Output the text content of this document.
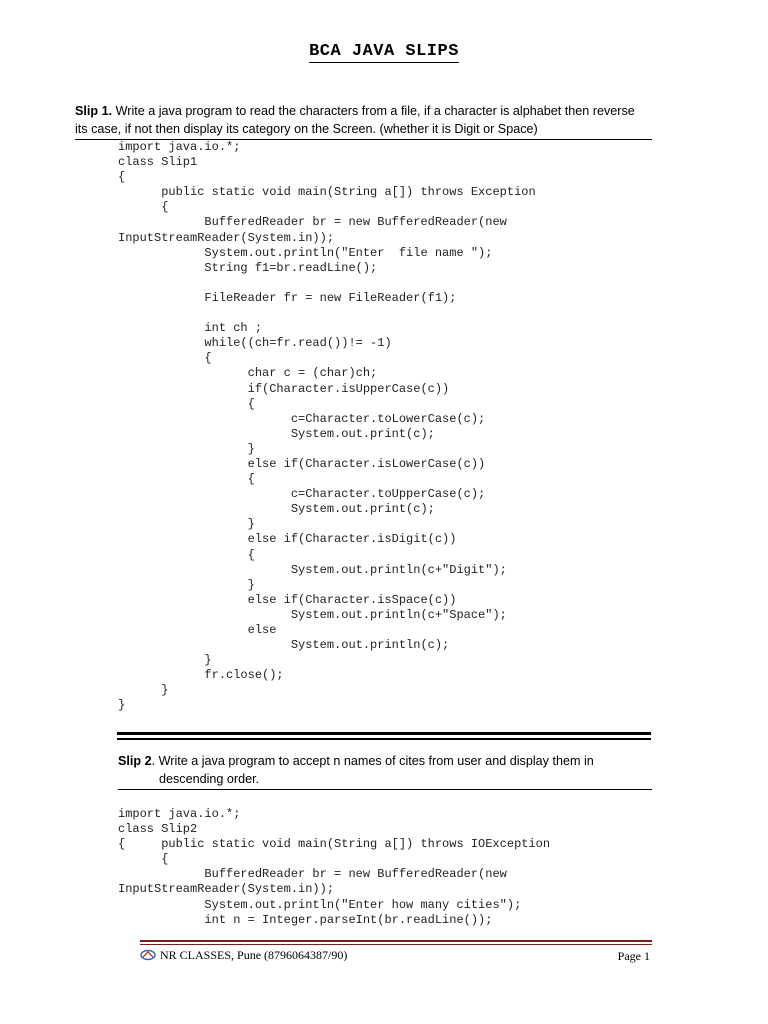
BCA JAVA SLIPS
Slip 1. Write a java program to read the characters from a file, if a character is alphabet then reverse its case, if not then display its category on the Screen. (whether it is Digit or Space)
import java.io.*;
class Slip1
{
public static void main(String a[]) throws Exception
{
BufferedReader br = new BufferedReader(new
InputStreamReader(System.in));
System.out.println("Enter  file name ");
String f1=br.readLine();

FileReader fr = new FileReader(f1);

int ch ;
while((ch=fr.read())!= -1)
{
char c = (char)ch;
if(Character.isUpperCase(c))
{
c=Character.toLowerCase(c);
System.out.print(c);
}
else if(Character.isLowerCase(c))
{
c=Character.toUpperCase(c);
System.out.print(c);
}
else if(Character.isDigit(c))
{
System.out.println(c+"Digit");
}
else if(Character.isSpace(c))
System.out.println(c+"Space");
else
System.out.println(c);
}
fr.close();
}
}
Slip 2. Write a java program to accept n names of cites from user and display them in
descending order.
import java.io.*;
class Slip2
{     public static void main(String a[]) throws IOException
{
BufferedReader br = new BufferedReader(new
InputStreamReader(System.in));
System.out.println("Enter how many cities");
int n = Integer.parseInt(br.readLine());
NR CLASSES, Pune (8796064387/90)	Page 1
